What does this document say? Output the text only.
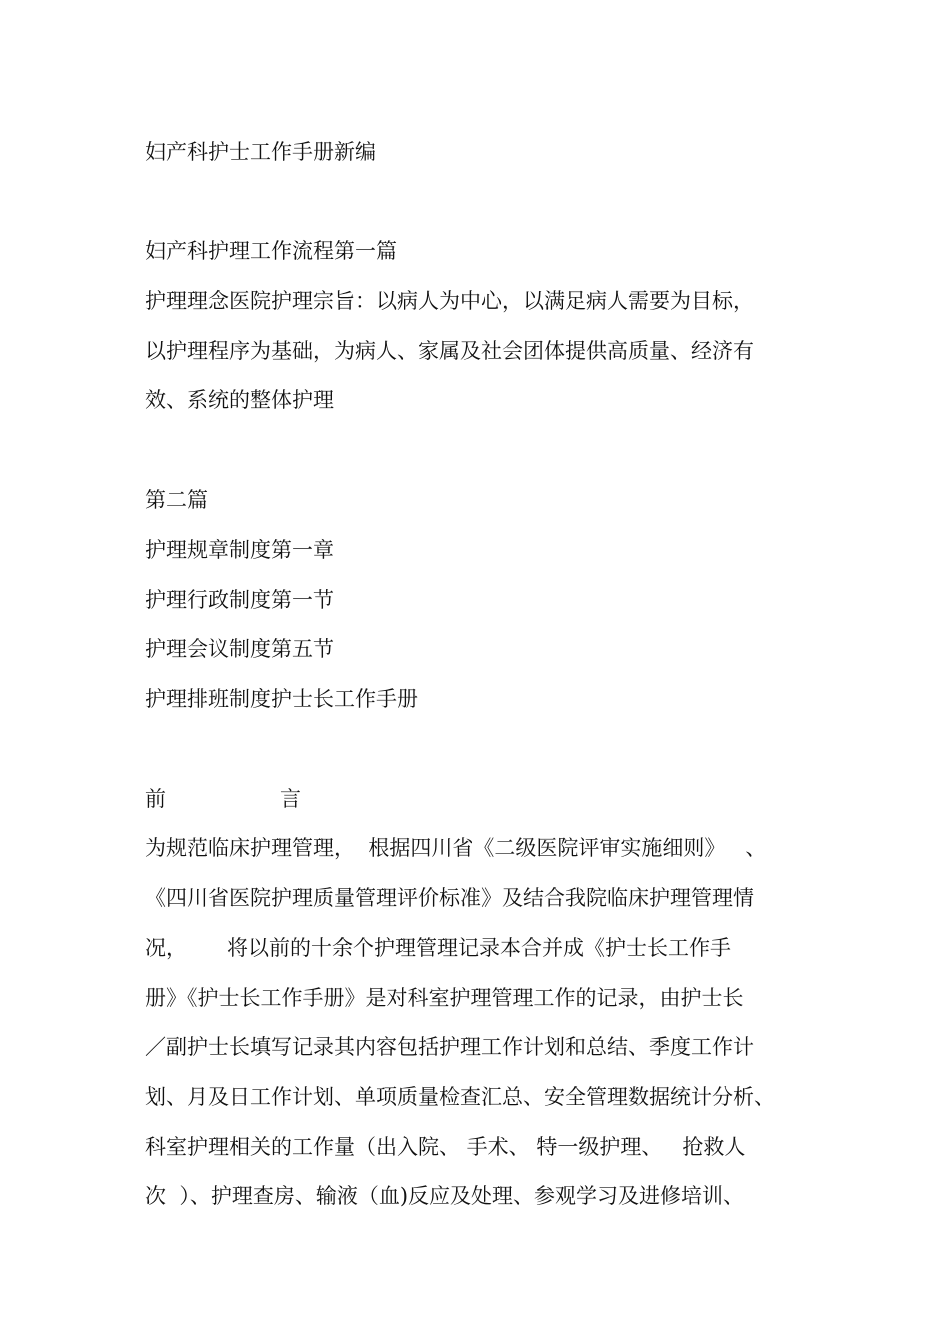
妇产科护士工作手册新编

妇产科护理工作流程第一篇

护理理念医院护理宗旨：以病人为中心，以满足病人需要为目标，

以护理程序为基础，为病人、家属及社会团体提供高质量、经济有

效、系统的整体护理

第二篇

护理规章制度第一章

护理行政制度第一节

护理会议制度第五节

护理排班制度护士长工作手册

前	言

为规范临床护理管理，  根据四川省《二级医院评审实施细则》   、

《四川省医院护理质量管理评价标准》及结合我院临床护理管理情

况，      将以前的十余个护理管理记录本合并成《护士长工作手

册》《护士长工作手册》是对科室护理管理工作的记录，由护士长

／副护士长填写记录其内容包括护理工作计划和总结、季度工作计

划、月及日工作计划、单项质量检查汇总、安全管理数据统计分析、

科室护理相关的工作量（出入院、 手术、 特一级护理、   抢救人

次  ）、护理查房、输液（血)反应及处理、参观学习及进修培训、
